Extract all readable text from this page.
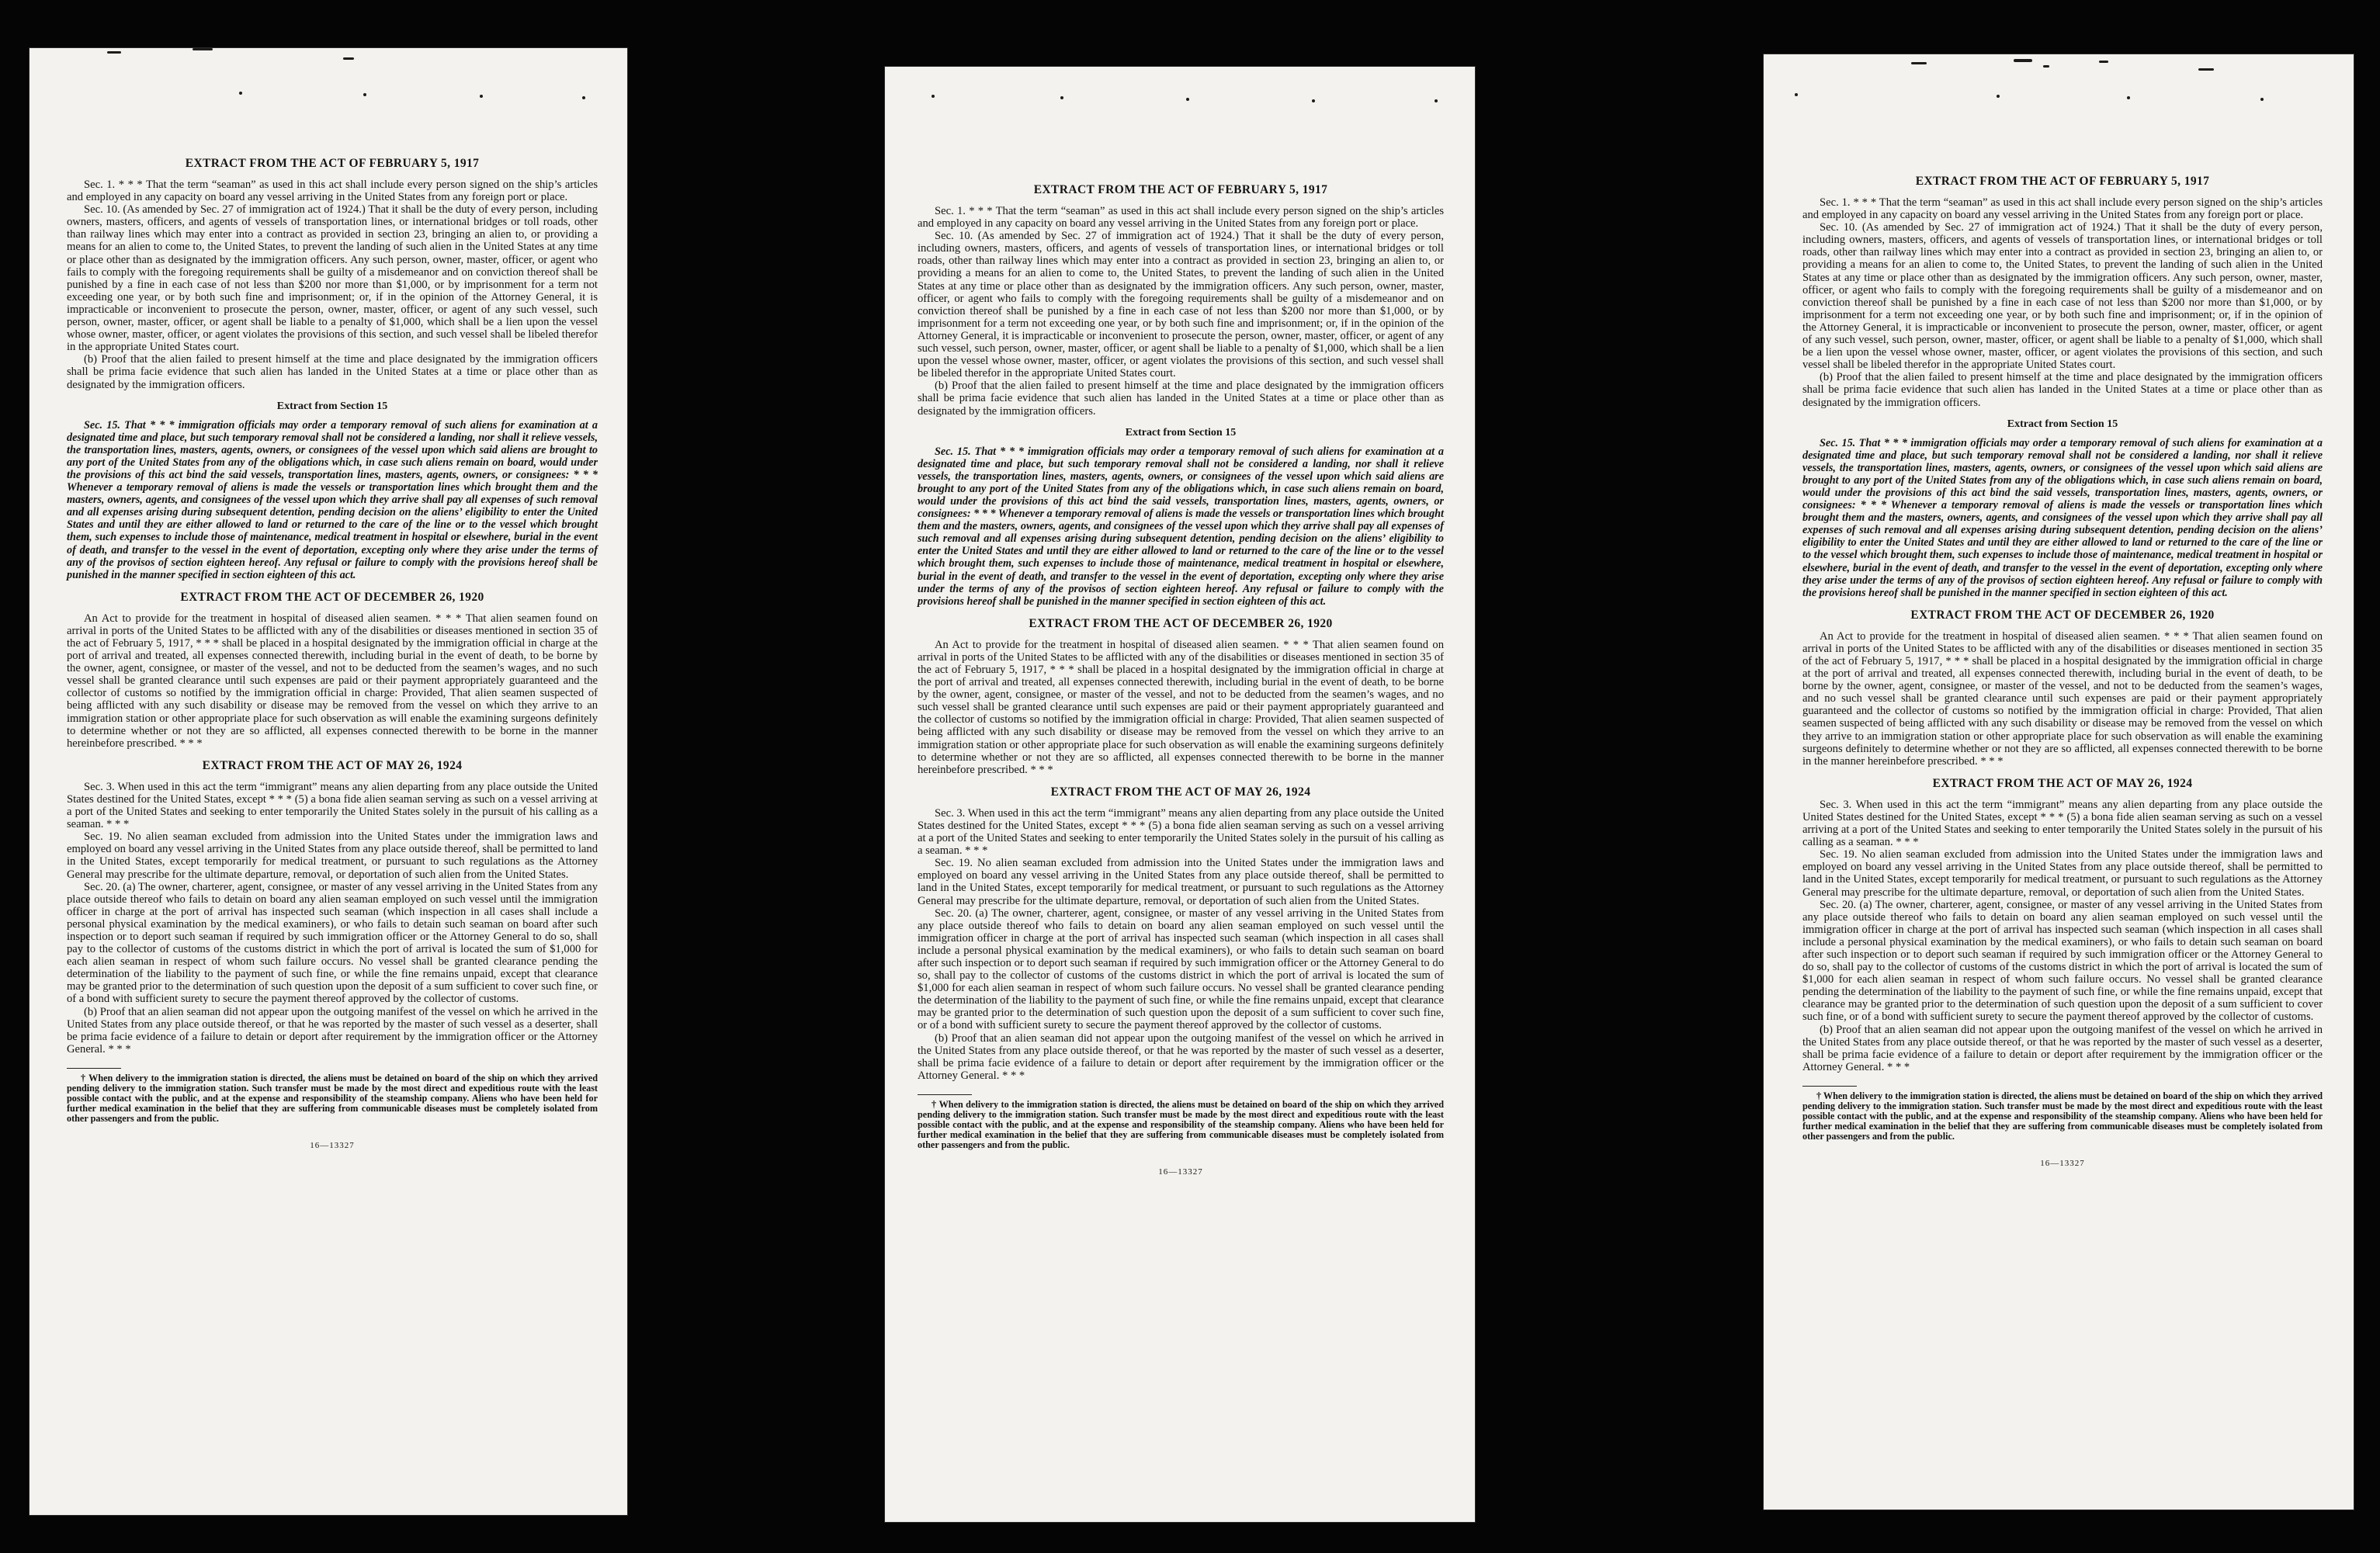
EXTRACT FROM THE ACT OF FEBRUARY 5, 1917

Sec. 1. * * * That the term “seaman” as used in this act shall include every person signed on the ship’s articles and employed in any capacity on board any vessel arriving in the United States from any foreign port or place.

Sec. 10. (As amended by Sec. 27 of immigration act of 1924.) That it shall be the duty of every person, including owners, masters, officers, and agents of vessels of transportation lines, or international bridges or toll roads, other than railway lines which may enter into a contract as provided in section 23, bringing an alien to, or providing a means for an alien to come to, the United States, to prevent the landing of such alien in the United States at any time or place other than as designated by the immigration officers. Any such person, owner, master, officer, or agent who fails to comply with the foregoing requirements shall be guilty of a misdemeanor and on conviction thereof shall be punished by a fine in each case of not less than $200 nor more than $1,000, or by imprisonment for a term not exceeding one year, or by both such fine and imprisonment; or, if in the opinion of the Attorney General, it is impracticable or inconvenient to prosecute the person, owner, master, officer, or agent of any such vessel, such person, owner, master, officer, or agent shall be liable to a penalty of $1,000, which shall be a lien upon the vessel whose owner, master, officer, or agent violates the provisions of this section, and such vessel shall be libeled therefor in the appropriate United States court.

(b) Proof that the alien failed to present himself at the time and place designated by the immigration officers shall be prima facie evidence that such alien has landed in the United States at a time or place other than as designated by the immigration officers.

Extract from Section 15

Sec. 15. That * * * immigration officials may order a temporary removal of such aliens for examination at a designated time and place, but such temporary removal shall not be considered a landing, nor shall it relieve vessels, the transportation lines, masters, agents, owners, or consignees of the vessel upon which said aliens are brought to any port of the United States from any of the obligations which, in case such aliens remain on board, would under the provisions of this act bind the said vessels, transportation lines, masters, agents, owners, or consignees: * * * Whenever a temporary removal of aliens is made the vessels or transportation lines which brought them and the masters, owners, agents, and consignees of the vessel upon which they arrive shall pay all expenses of such removal and all expenses arising during subsequent detention, pending decision on the aliens’ eligibility to enter the United States and until they are either allowed to land or returned to the care of the line or to the vessel which brought them, such expenses to include those of maintenance, medical treatment in hospital or elsewhere, burial in the event of death, and transfer to the vessel in the event of deportation, excepting only where they arise under the terms of any of the provisos of section eighteen hereof. Any refusal or failure to comply with the provisions hereof shall be punished in the manner specified in section eighteen of this act.

EXTRACT FROM THE ACT OF DECEMBER 26, 1920

An Act to provide for the treatment in hospital of diseased alien seamen. * * * That alien seamen found on arrival in ports of the United States to be afflicted with any of the disabilities or diseases mentioned in section 35 of the act of February 5, 1917, * * * shall be placed in a hospital designated by the immigration official in charge at the port of arrival and treated, all expenses connected therewith, including burial in the event of death, to be borne by the owner, agent, consignee, or master of the vessel, and not to be deducted from the seamen’s wages, and no such vessel shall be granted clearance until such expenses are paid or their payment appropriately guaranteed and the collector of customs so notified by the immigration official in charge: Provided, That alien seamen suspected of being afflicted with any such disability or disease may be removed from the vessel on which they arrive to an immigration station or other appropriate place for such observation as will enable the examining surgeons definitely to determine whether or not they are so afflicted, all expenses connected therewith to be borne in the manner hereinbefore prescribed. * * *

EXTRACT FROM THE ACT OF MAY 26, 1924

Sec. 3. When used in this act the term “immigrant” means any alien departing from any place outside the United States destined for the United States, except * * * (5) a bona fide alien seaman serving as such on a vessel arriving at a port of the United States and seeking to enter temporarily the United States solely in the pursuit of his calling as a seaman. * * *

Sec. 19. No alien seaman excluded from admission into the United States under the immigration laws and employed on board any vessel arriving in the United States from any place outside thereof, shall be permitted to land in the United States, except temporarily for medical treatment, or pursuant to such regulations as the Attorney General may prescribe for the ultimate departure, removal, or deportation of such alien from the United States.

Sec. 20. (a) The owner, charterer, agent, consignee, or master of any vessel arriving in the United States from any place outside thereof who fails to detain on board any alien seaman employed on such vessel until the immigration officer in charge at the port of arrival has inspected such seaman (which inspection in all cases shall include a personal physical examination by the medical examiners), or who fails to detain such seaman on board after such inspection or to deport such seaman if required by such immigration officer or the Attorney General to do so, shall pay to the collector of customs of the customs district in which the port of arrival is located the sum of $1,000 for each alien seaman in respect of whom such failure occurs. No vessel shall be granted clearance pending the determination of the liability to the payment of such fine, or while the fine remains unpaid, except that clearance may be granted prior to the determination of such question upon the deposit of a sum sufficient to cover such fine, or of a bond with sufficient surety to secure the payment thereof approved by the collector of customs.

(b) Proof that an alien seaman did not appear upon the outgoing manifest of the vessel on which he arrived in the United States from any place outside thereof, or that he was reported by the master of such vessel as a deserter, shall be prima facie evidence of a failure to detain or deport after requirement by the immigration officer or the Attorney General. * * *

† When delivery to the immigration station is directed, the aliens must be detained on board of the ship on which they arrived pending delivery to the immigration station. Such transfer must be made by the most direct and expeditious route with the least possible contact with the public, and at the expense and responsibility of the steamship company. Aliens who have been held for further medical examination in the belief that they are suffering from communicable diseases must be completely isolated from other passengers and from the public.

16—13327
EXTRACT FROM THE ACT OF FEBRUARY 5, 1917

Sec. 1. * * * That the term “seaman” as used in this act shall include every person signed on the ship’s articles and employed in any capacity on board any vessel arriving in the United States from any foreign port or place.

Sec. 10. (As amended by Sec. 27 of immigration act of 1924.) That it shall be the duty of every person, including owners, masters, officers, and agents of vessels of transportation lines, or international bridges or toll roads, other than railway lines which may enter into a contract as provided in section 23, bringing an alien to, or providing a means for an alien to come to, the United States, to prevent the landing of such alien in the United States at any time or place other than as designated by the immigration officers. Any such person, owner, master, officer, or agent who fails to comply with the foregoing requirements shall be guilty of a misdemeanor and on conviction thereof shall be punished by a fine in each case of not less than $200 nor more than $1,000, or by imprisonment for a term not exceeding one year, or by both such fine and imprisonment; or, if in the opinion of the Attorney General, it is impracticable or inconvenient to prosecute the person, owner, master, officer, or agent of any such vessel, such person, owner, master, officer, or agent shall be liable to a penalty of $1,000, which shall be a lien upon the vessel whose owner, master, officer, or agent violates the provisions of this section, and such vessel shall be libeled therefor in the appropriate United States court.

(b) Proof that the alien failed to present himself at the time and place designated by the immigration officers shall be prima facie evidence that such alien has landed in the United States at a time or place other than as designated by the immigration officers.

Extract from Section 15

Sec. 15. That * * * immigration officials may order a temporary removal of such aliens for examination at a designated time and place, but such temporary removal shall not be considered a landing, nor shall it relieve vessels, the transportation lines, masters, agents, owners, or consignees of the vessel upon which said aliens are brought to any port of the United States from any of the obligations which, in case such aliens remain on board, would under the provisions of this act bind the said vessels, transportation lines, masters, agents, owners, or consignees: * * * Whenever a temporary removal of aliens is made the vessels or transportation lines which brought them and the masters, owners, agents, and consignees of the vessel upon which they arrive shall pay all expenses of such removal and all expenses arising during subsequent detention, pending decision on the aliens’ eligibility to enter the United States and until they are either allowed to land or returned to the care of the line or to the vessel which brought them, such expenses to include those of maintenance, medical treatment in hospital or elsewhere, burial in the event of death, and transfer to the vessel in the event of deportation, excepting only where they arise under the terms of any of the provisos of section eighteen hereof. Any refusal or failure to comply with the provisions hereof shall be punished in the manner specified in section eighteen of this act.

EXTRACT FROM THE ACT OF DECEMBER 26, 1920

An Act to provide for the treatment in hospital of diseased alien seamen. * * * That alien seamen found on arrival in ports of the United States to be afflicted with any of the disabilities or diseases mentioned in section 35 of the act of February 5, 1917, * * * shall be placed in a hospital designated by the immigration official in charge at the port of arrival and treated, all expenses connected therewith, including burial in the event of death, to be borne by the owner, agent, consignee, or master of the vessel, and not to be deducted from the seamen’s wages, and no such vessel shall be granted clearance until such expenses are paid or their payment appropriately guaranteed and the collector of customs so notified by the immigration official in charge: Provided, That alien seamen suspected of being afflicted with any such disability or disease may be removed from the vessel on which they arrive to an immigration station or other appropriate place for such observation as will enable the examining surgeons definitely to determine whether or not they are so afflicted, all expenses connected therewith to be borne in the manner hereinbefore prescribed. * * *

EXTRACT FROM THE ACT OF MAY 26, 1924

Sec. 3. When used in this act the term “immigrant” means any alien departing from any place outside the United States destined for the United States, except * * * (5) a bona fide alien seaman serving as such on a vessel arriving at a port of the United States and seeking to enter temporarily the United States solely in the pursuit of his calling as a seaman. * * *

Sec. 19. No alien seaman excluded from admission into the United States under the immigration laws and employed on board any vessel arriving in the United States from any place outside thereof, shall be permitted to land in the United States, except temporarily for medical treatment, or pursuant to such regulations as the Attorney General may prescribe for the ultimate departure, removal, or deportation of such alien from the United States.

Sec. 20. (a) The owner, charterer, agent, consignee, or master of any vessel arriving in the United States from any place outside thereof who fails to detain on board any alien seaman employed on such vessel until the immigration officer in charge at the port of arrival has inspected such seaman (which inspection in all cases shall include a personal physical examination by the medical examiners), or who fails to detain such seaman on board after such inspection or to deport such seaman if required by such immigration officer or the Attorney General to do so, shall pay to the collector of customs of the customs district in which the port of arrival is located the sum of $1,000 for each alien seaman in respect of whom such failure occurs. No vessel shall be granted clearance pending the determination of the liability to the payment of such fine, or while the fine remains unpaid, except that clearance may be granted prior to the determination of such question upon the deposit of a sum sufficient to cover such fine, or of a bond with sufficient surety to secure the payment thereof approved by the collector of customs.

(b) Proof that an alien seaman did not appear upon the outgoing manifest of the vessel on which he arrived in the United States from any place outside thereof, or that he was reported by the master of such vessel as a deserter, shall be prima facie evidence of a failure to detain or deport after requirement by the immigration officer or the Attorney General. * * *

† When delivery to the immigration station is directed, the aliens must be detained on board of the ship on which they arrived pending delivery to the immigration station. Such transfer must be made by the most direct and expeditious route with the least possible contact with the public, and at the expense and responsibility of the steamship company. Aliens who have been held for further medical examination in the belief that they are suffering from communicable diseases must be completely isolated from other passengers and from the public.

16—13327
EXTRACT FROM THE ACT OF FEBRUARY 5, 1917

Sec. 1. * * * That the term “seaman” as used in this act shall include every person signed on the ship’s articles and employed in any capacity on board any vessel arriving in the United States from any foreign port or place.

Sec. 10. (As amended by Sec. 27 of immigration act of 1924.) That it shall be the duty of every person, including owners, masters, officers, and agents of vessels of transportation lines, or international bridges or toll roads, other than railway lines which may enter into a contract as provided in section 23, bringing an alien to, or providing a means for an alien to come to, the United States, to prevent the landing of such alien in the United States at any time or place other than as designated by the immigration officers. Any such person, owner, master, officer, or agent who fails to comply with the foregoing requirements shall be guilty of a misdemeanor and on conviction thereof shall be punished by a fine in each case of not less than $200 nor more than $1,000, or by imprisonment for a term not exceeding one year, or by both such fine and imprisonment; or, if in the opinion of the Attorney General, it is impracticable or inconvenient to prosecute the person, owner, master, officer, or agent of any such vessel, such person, owner, master, officer, or agent shall be liable to a penalty of $1,000, which shall be a lien upon the vessel whose owner, master, officer, or agent violates the provisions of this section, and such vessel shall be libeled therefor in the appropriate United States court.

(b) Proof that the alien failed to present himself at the time and place designated by the immigration officers shall be prima facie evidence that such alien has landed in the United States at a time or place other than as designated by the immigration officers.

Extract from Section 15

Sec. 15. That * * * immigration officials may order a temporary removal of such aliens for examination at a designated time and place, but such temporary removal shall not be considered a landing, nor shall it relieve vessels, the transportation lines, masters, agents, owners, or consignees of the vessel upon which said aliens are brought to any port of the United States from any of the obligations which, in case such aliens remain on board, would under the provisions of this act bind the said vessels, transportation lines, masters, agents, owners, or consignees: * * * Whenever a temporary removal of aliens is made the vessels or transportation lines which brought them and the masters, owners, agents, and consignees of the vessel upon which they arrive shall pay all expenses of such removal and all expenses arising during subsequent detention, pending decision on the aliens’ eligibility to enter the United States and until they are either allowed to land or returned to the care of the line or to the vessel which brought them, such expenses to include those of maintenance, medical treatment in hospital or elsewhere, burial in the event of death, and transfer to the vessel in the event of deportation, excepting only where they arise under the terms of any of the provisos of section eighteen hereof. Any refusal or failure to comply with the provisions hereof shall be punished in the manner specified in section eighteen of this act.

EXTRACT FROM THE ACT OF DECEMBER 26, 1920

An Act to provide for the treatment in hospital of diseased alien seamen. * * * That alien seamen found on arrival in ports of the United States to be afflicted with any of the disabilities or diseases mentioned in section 35 of the act of February 5, 1917, * * * shall be placed in a hospital designated by the immigration official in charge at the port of arrival and treated, all expenses connected therewith, including burial in the event of death, to be borne by the owner, agent, consignee, or master of the vessel, and not to be deducted from the seamen’s wages, and no such vessel shall be granted clearance until such expenses are paid or their payment appropriately guaranteed and the collector of customs so notified by the immigration official in charge: Provided, That alien seamen suspected of being afflicted with any such disability or disease may be removed from the vessel on which they arrive to an immigration station or other appropriate place for such observation as will enable the examining surgeons definitely to determine whether or not they are so afflicted, all expenses connected therewith to be borne in the manner hereinbefore prescribed. * * *

EXTRACT FROM THE ACT OF MAY 26, 1924

Sec. 3. When used in this act the term “immigrant” means any alien departing from any place outside the United States destined for the United States, except * * * (5) a bona fide alien seaman serving as such on a vessel arriving at a port of the United States and seeking to enter temporarily the United States solely in the pursuit of his calling as a seaman. * * *

Sec. 19. No alien seaman excluded from admission into the United States under the immigration laws and employed on board any vessel arriving in the United States from any place outside thereof, shall be permitted to land in the United States, except temporarily for medical treatment, or pursuant to such regulations as the Attorney General may prescribe for the ultimate departure, removal, or deportation of such alien from the United States.

Sec. 20. (a) The owner, charterer, agent, consignee, or master of any vessel arriving in the United States from any place outside thereof who fails to detain on board any alien seaman employed on such vessel until the immigration officer in charge at the port of arrival has inspected such seaman (which inspection in all cases shall include a personal physical examination by the medical examiners), or who fails to detain such seaman on board after such inspection or to deport such seaman if required by such immigration officer or the Attorney General to do so, shall pay to the collector of customs of the customs district in which the port of arrival is located the sum of $1,000 for each alien seaman in respect of whom such failure occurs. No vessel shall be granted clearance pending the determination of the liability to the payment of such fine, or while the fine remains unpaid, except that clearance may be granted prior to the determination of such question upon the deposit of a sum sufficient to cover such fine, or of a bond with sufficient surety to secure the payment thereof approved by the collector of customs.

(b) Proof that an alien seaman did not appear upon the outgoing manifest of the vessel on which he arrived in the United States from any place outside thereof, or that he was reported by the master of such vessel as a deserter, shall be prima facie evidence of a failure to detain or deport after requirement by the immigration officer or the Attorney General. * * *

† When delivery to the immigration station is directed, the aliens must be detained on board of the ship on which they arrived pending delivery to the immigration station. Such transfer must be made by the most direct and expeditious route with the least possible contact with the public, and at the expense and responsibility of the steamship company. Aliens who have been held for further medical examination in the belief that they are suffering from communicable diseases must be completely isolated from other passengers and from the public.

16—13327
